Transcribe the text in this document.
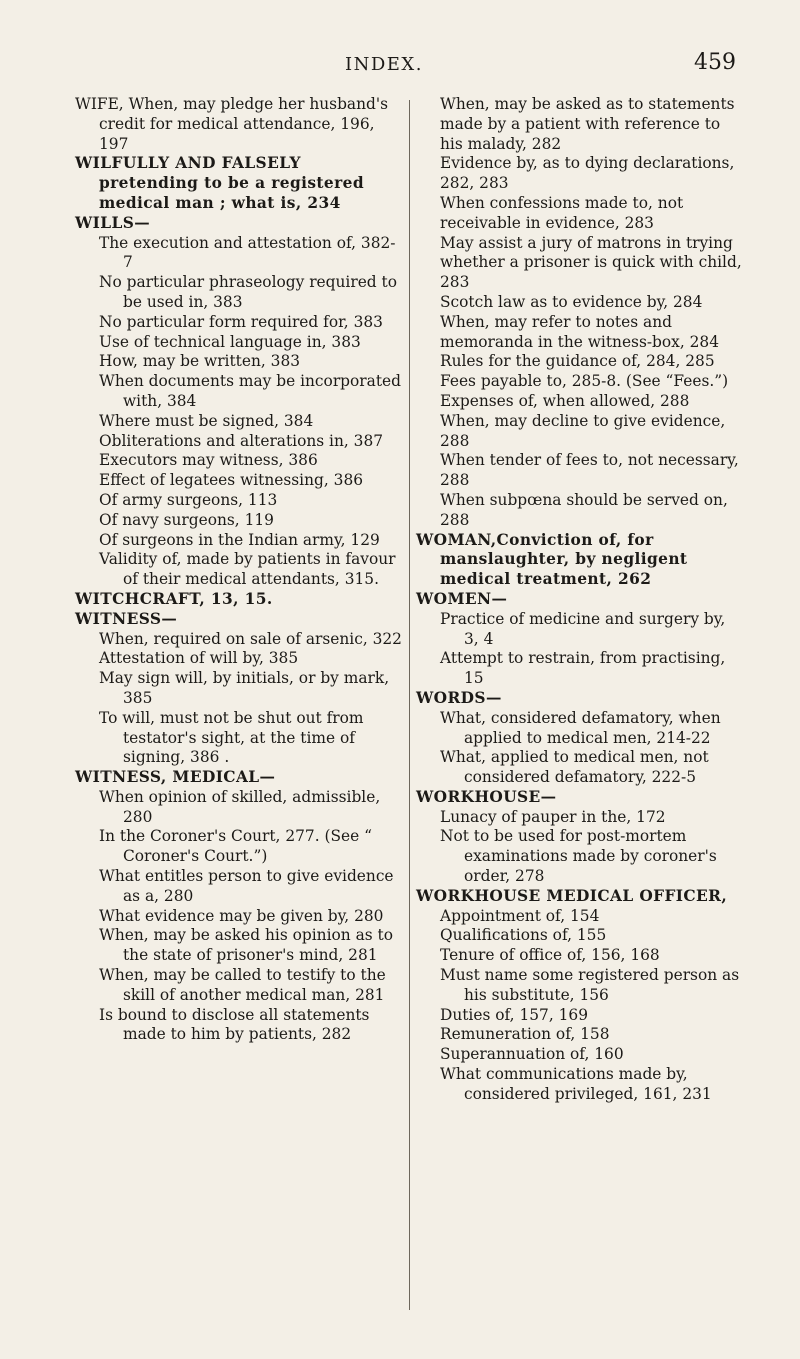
INDEX.	459
WIFE, When, may pledge her husband's credit for medical attendance, 196, 197
WILFULLY AND FALSELY pretending to be a registered medical man ; what is, 234
WILLS—
The execution and attestation of, 382-7
No particular phraseology required to be used in, 383
No particular form required for, 383
Use of technical language in, 383
How, may be written, 383
When documents may be incorporated with, 384
Where must be signed, 384
Obliterations and alterations in, 387
Executors may witness, 386
Effect of legatees witnessing, 386
Of army surgeons, 113
Of navy surgeons, 119
Of surgeons in the Indian army, 129
Validity of, made by patients in favour of their medical attendants, 315.
WITCHCRAFT, 13, 15.
WITNESS—
When, required on sale of arsenic, 322
Attestation of will by, 385
May sign will, by initials, or by mark, 385
To will, must not be shut out from testator's sight, at the time of signing, 386 .
WITNESS, MEDICAL—
When opinion of skilled, admissible, 280
In the Coroner's Court, 277. (See “ Coroner's Court.”)
What entitles person to give evidence as a, 280
What evidence may be given by, 280
When, may be asked his opinion as to the state of prisoner's mind, 281
When, may be called to testify to the skill of another medical man, 281
Is bound to disclose all statements made to him by patients, 282
When, may be asked as to statements made by a patient with reference to his malady, 282
Evidence by, as to dying declarations, 282, 283
When confessions made to, not receivable in evidence, 283
May assist a jury of matrons in trying whether a prisoner is quick with child, 283
Scotch law as to evidence by, 284
When, may refer to notes and memoranda in the witness-box, 284
Rules for the guidance of, 284, 285
Fees payable to, 285-8. (See “Fees.”)
Expenses of, when allowed, 288
When, may decline to give evidence, 288
When tender of fees to, not necessary, 288
When subpœna should be served on, 288
WOMAN,Conviction of, for manslaughter, by negligent medical treatment, 262
WOMEN—
Practice of medicine and surgery by, 3, 4
Attempt to restrain, from practising, 15
WORDS—
What, considered defamatory, when applied to medical men, 214-22
What, applied to medical men, not considered defamatory, 222-5
WORKHOUSE—
Lunacy of pauper in the, 172
Not to be used for post-mortem examinations made by coroner's order, 278
WORKHOUSE MEDICAL OFFICER,
Appointment of, 154
Qualifications of, 155
Tenure of office of, 156, 168
Must name some registered person as his substitute, 156
Duties of, 157, 169
Remuneration of, 158
Superannuation of, 160
What communications made by, considered privileged, 161, 231
